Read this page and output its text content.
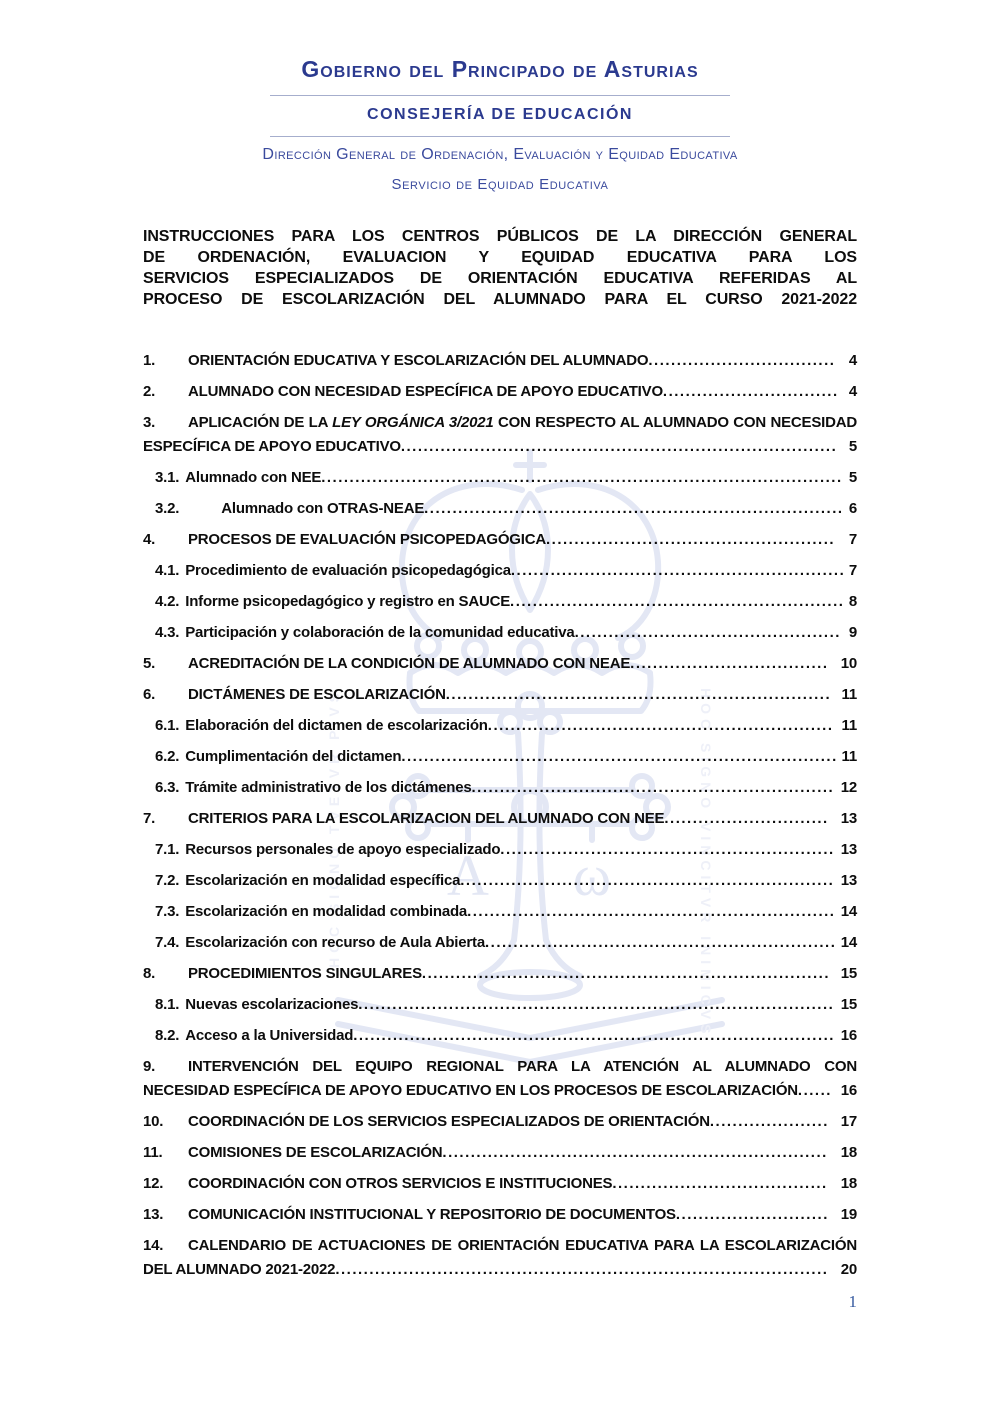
Α ω
HOC SIGNO TVETVR PIVS	HOC SIGNO VINCITVR INIMICVS
Gobierno del Principado de Asturias
CONSEJERÍA DE EDUCACIÓN
Dirección General de Ordenación, Evaluación y Equidad Educativa
Servicio de Equidad Educativa
INSTRUCCIONES PARA LOS CENTROS PÚBLICOS DE LA DIRECCIÓN GENERAL
DE ORDENACIÓN, EVALUACION Y EQUIDAD EDUCATIVA PARA LOS
SERVICIOS ESPECIALIZADOS DE ORIENTACIÓN EDUCATIVA REFERIDAS AL
PROCESO DE ESCOLARIZACIÓN DEL ALUMNADO PARA EL CURSO 2021-2022
1. ORIENTACIÓN EDUCATIVA Y ESCOLARIZACIÓN DEL ALUMNADO................................. 4
2. ALUMNADO CON NECESIDAD ESPECÍFICA DE APOYO EDUCATIVO............................... 4
3. APLICACIÓN DE LA LEY ORGÁNICA 3/2021 CON RESPECTO AL ALUMNADO CON NECESIDAD ESPECÍFICA DE APOYO EDUCATIVO............................................................................. 5
3.1. Alumnado con NEE............................................................................................ 5
3.2.	Alumnado con OTRAS-NEAE.......................................................................... 6
4. PROCESOS DE EVALUACIÓN PSICOPEDAGÓGICA................................................... 7
4.1. Procedimiento de evaluación psicopedagógica........................................................... 7
4.2. Informe psicopedagógico y registro en SAUCE........................................................... 8
4.3. Participación y colaboración de la comunidad educativa............................................... 9
5. ACREDITACIÓN DE LA CONDICIÓN DE ALUMNADO CON NEAE................................... 10
6. DICTÁMENES DE ESCOLARIZACIÓN.................................................................... 11
6.1. Elaboración del dictamen de escolarización............................................................. 11
6.2. Cumplimentación del dictamen............................................................................. 11
6.3. Trámite administrativo de los dictámenes................................................................ 12
7. CRITERIOS PARA LA ESCOLARIZACION DEL ALUMNADO CON NEE............................. 13
7.1. Recursos personales de apoyo especializado........................................................... 13
7.2. Escolarización en modalidad específica.................................................................. 13
7.3. Escolarización en modalidad combinada................................................................. 14
7.4. Escolarización con recurso de Aula Abierta.............................................................. 14
8. PROCEDIMIENTOS SINGULARES........................................................................ 15
8.1. Nuevas escolarizaciones.................................................................................... 15
8.2. Acceso a la Universidad..................................................................................... 16
9. INTERVENCIÓN DEL EQUIPO REGIONAL PARA LA ATENCIÓN AL ALUMNADO CON NECESIDAD ESPECÍFICA DE APOYO EDUCATIVO EN LOS PROCESOS DE ESCOLARIZACIÓN...... 16
10. COORDINACIÓN DE LOS SERVICIOS ESPECIALIZADOS DE ORIENTACIÓN..................... 17
11. COMISIONES DE ESCOLARIZACIÓN.................................................................... 18
12. COORDINACIÓN CON OTROS SERVICIOS E INSTITUCIONES...................................... 18
13. COMUNICACIÓN INSTITUCIONAL Y REPOSITORIO DE DOCUMENTOS........................... 19
14. CALENDARIO DE ACTUACIONES DE ORIENTACIÓN EDUCATIVA PARA LA ESCOLARIZACIÓN DEL ALUMNADO 2021-2022....................................................................................... 20
1
